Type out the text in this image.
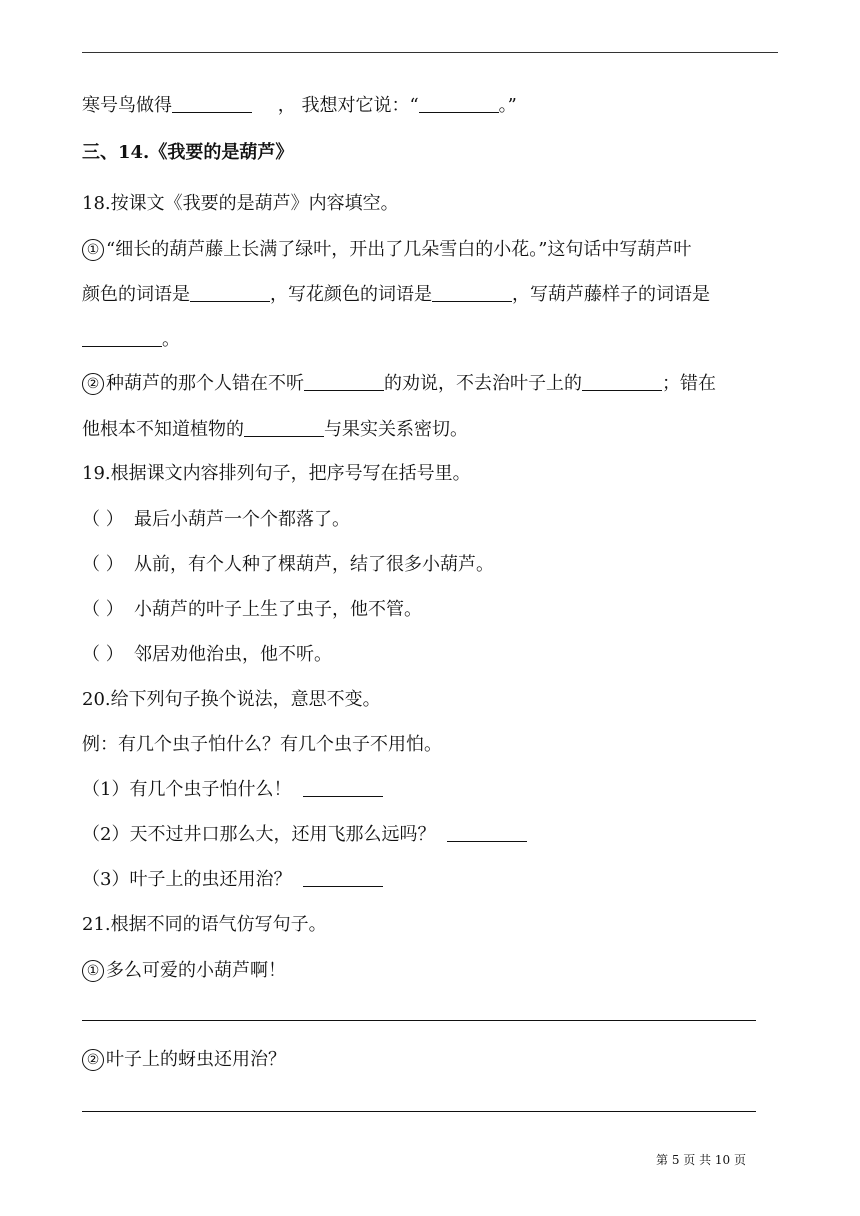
寒号鸟做得	， 我想对它说：“	。”
三、14.《我要的是葫芦》
18.按课文《我要的是葫芦》内容填空。
① “细长的葫芦藤上长满了绿叶，开出了几朵雪白的小花。”这句话中写葫芦叶
颜色的词语是	，写花颜色的词语是	，写葫芦藤样子的词语是
。
② 种葫芦的那个人错在不听	的劝说，不去治叶子上的	；错在
他根本不知道植物的	与果实关系密切。
19.根据课文内容排列句子，把序号写在括号里。
（ ） 最后小葫芦一个个都落了。
（ ） 从前，有个人种了棵葫芦，结了很多小葫芦。
（ ） 小葫芦的叶子上生了虫子，他不管。
（ ） 邻居劝他治虫，他不听。
20.给下列句子换个说法，意思不变。
例：有几个虫子怕什么？有几个虫子不用怕。
（1）有几个虫子怕什么！
（2）天不过井口那么大，还用飞那么远吗？
（3）叶子上的虫还用治？
21.根据不同的语气仿写句子。
① 多么可爱的小葫芦啊！
② 叶子上的蚜虫还用治？
第 5 页 共 10 页
